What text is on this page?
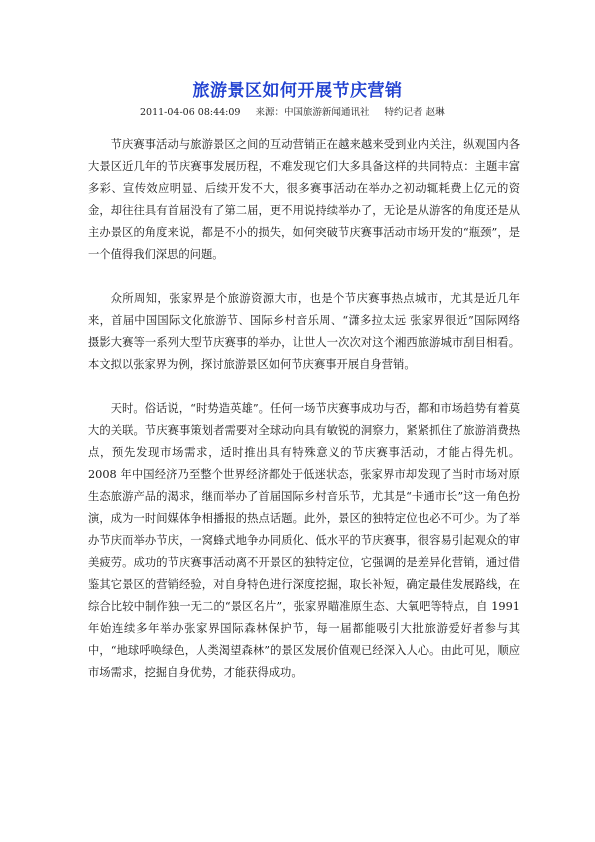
旅游景区如何开展节庆营销
2011-04-06 08:44:09 来源：中国旅游新闻通讯社 特约记者 赵琳

节庆赛事活动与旅游景区之间的互动营销正在越来越来受到业内关注，纵观国内各大景区近几年的节庆赛事发展历程，不难发现它们大多具备这样的共同特点：主题丰富多彩、宣传效应明显、后续开发不大，很多赛事活动在举办之初动辄耗费上亿元的资金，却往往具有首届没有了第二届，更不用说持续举办了，无论是从游客的角度还是从主办景区的角度来说，都是不小的损失，如何突破节庆赛事活动市场开发的“瓶颈”，是一个值得我们深思的问题。

众所周知，张家界是个旅游资源大市，也是个节庆赛事热点城市，尤其是近几年来，首届中国国际文化旅游节、国际乡村音乐周、“潇多拉太远 张家界很近”国际网络摄影大赛等一系列大型节庆赛事的举办，让世人一次次对这个湘西旅游城市刮目相看。本文拟以张家界为例，探讨旅游景区如何节庆赛事开展自身营销。

天时。俗话说，“时势造英雄”。任何一场节庆赛事成功与否，都和市场趋势有着莫大的关联。节庆赛事策划者需要对全球动向具有敏锐的洞察力，紧紧抓住了旅游消费热点，预先发现市场需求，适时推出具有特殊意义的节庆赛事活动，才能占得先机。2008 年中国经济乃至整个世界经济都处于低迷状态，张家界市却发现了当时市场对原生态旅游产品的渴求，继而举办了首届国际乡村音乐节，尤其是“卡通市长”这一角色扮演，成为一时间媒体争相播报的热点话题。此外，景区的独特定位也必不可少。为了举办节庆而举办节庆，一窝蜂式地争办同质化、低水平的节庆赛事，很容易引起观众的审美疲劳。成功的节庆赛事活动离不开景区的独特定位，它强调的是差异化营销，通过借鉴其它景区的营销经验，对自身特色进行深度挖掘，取长补短，确定最佳发展路线，在综合比较中制作独一无二的“景区名片”，张家界瞄准原生态、大氧吧等特点，自 1991 年始连续多年举办张家界国际森林保护节，每一届都能吸引大批旅游爱好者参与其中，“地球呼唤绿色，人类渴望森林”的景区发展价值观已经深入人心。由此可见，顺应市场需求，挖掘自身优势，才能获得成功。
